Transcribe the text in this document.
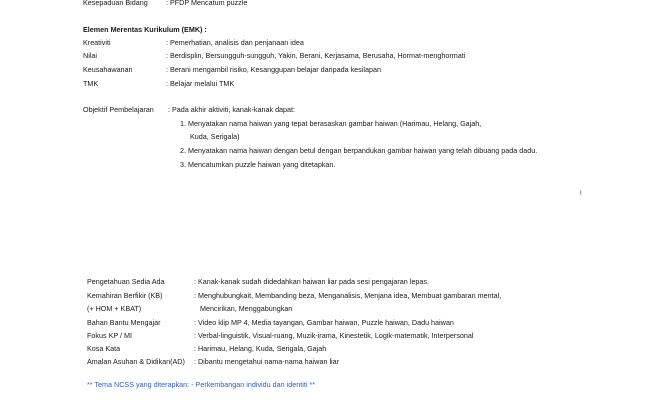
Kesepaduan Bidang	: PFDP Mencatum puzzle
Elemen Merentas Kurikulum (EMK) :
Kreativiti	: Pemerhatian, analisis dan penjanaan idea
Nilai	: Berdisplin, Bersungguh-sungguh, Yakin, Berani, Kerjasama, Berusaha, Hormat-menghormati
Keusahawanan	: Berani mengambil risiko, Kesanggupan belajar daripada kesilapan
TMK	: Belajar melalui TMK
Objektif Pembelajaran : Pada akhir aktiviti, kanak-kanak dapat:
1. Menyatakan nama haiwan yang tepat berasaskan gambar haiwan (Harimau, Helang, Gajah,
Kuda, Serigala)
2. Menyatakan nama haiwan dengan betul dengan berpandukan gambar haiwan yang telah dibuang pada dadu.
3. Mencatumkan puzzle haiwan yang ditetapkan.
I
Pengetahuan Sedia Ada	: Kanak-kanak sudah didedahkan haiwan liar pada sesi pengajaran lepas.
Kemahiran Berfikir (KB)	: Menghubungkait, Membanding beza, Menganalisis, Menjana idea, Membuat gambaran mental,
(+ HOM + KBAT)	Mencirikan, Menggabungkan
Bahan Bantu Mengajar	: Video klip MP 4, Media tayangan, Gambar haiwan, Puzzle haiwan, Dadu haiwan
Fokus KP / MI	: Verbal-linguistik, Visual-ruang, Muzik-irama, Kinestetik, Logik-matematik, Interpersonal
Kosa Kata	: Harimau, Helang, Kuda, Serigala, Gajah
Amalan Asuhan & Didikan(AD) : Dibantu mengetahui nama-nama haiwan liar
** Tema NCSS yang diterapkan: - Perkembangan individu dan identiti **
